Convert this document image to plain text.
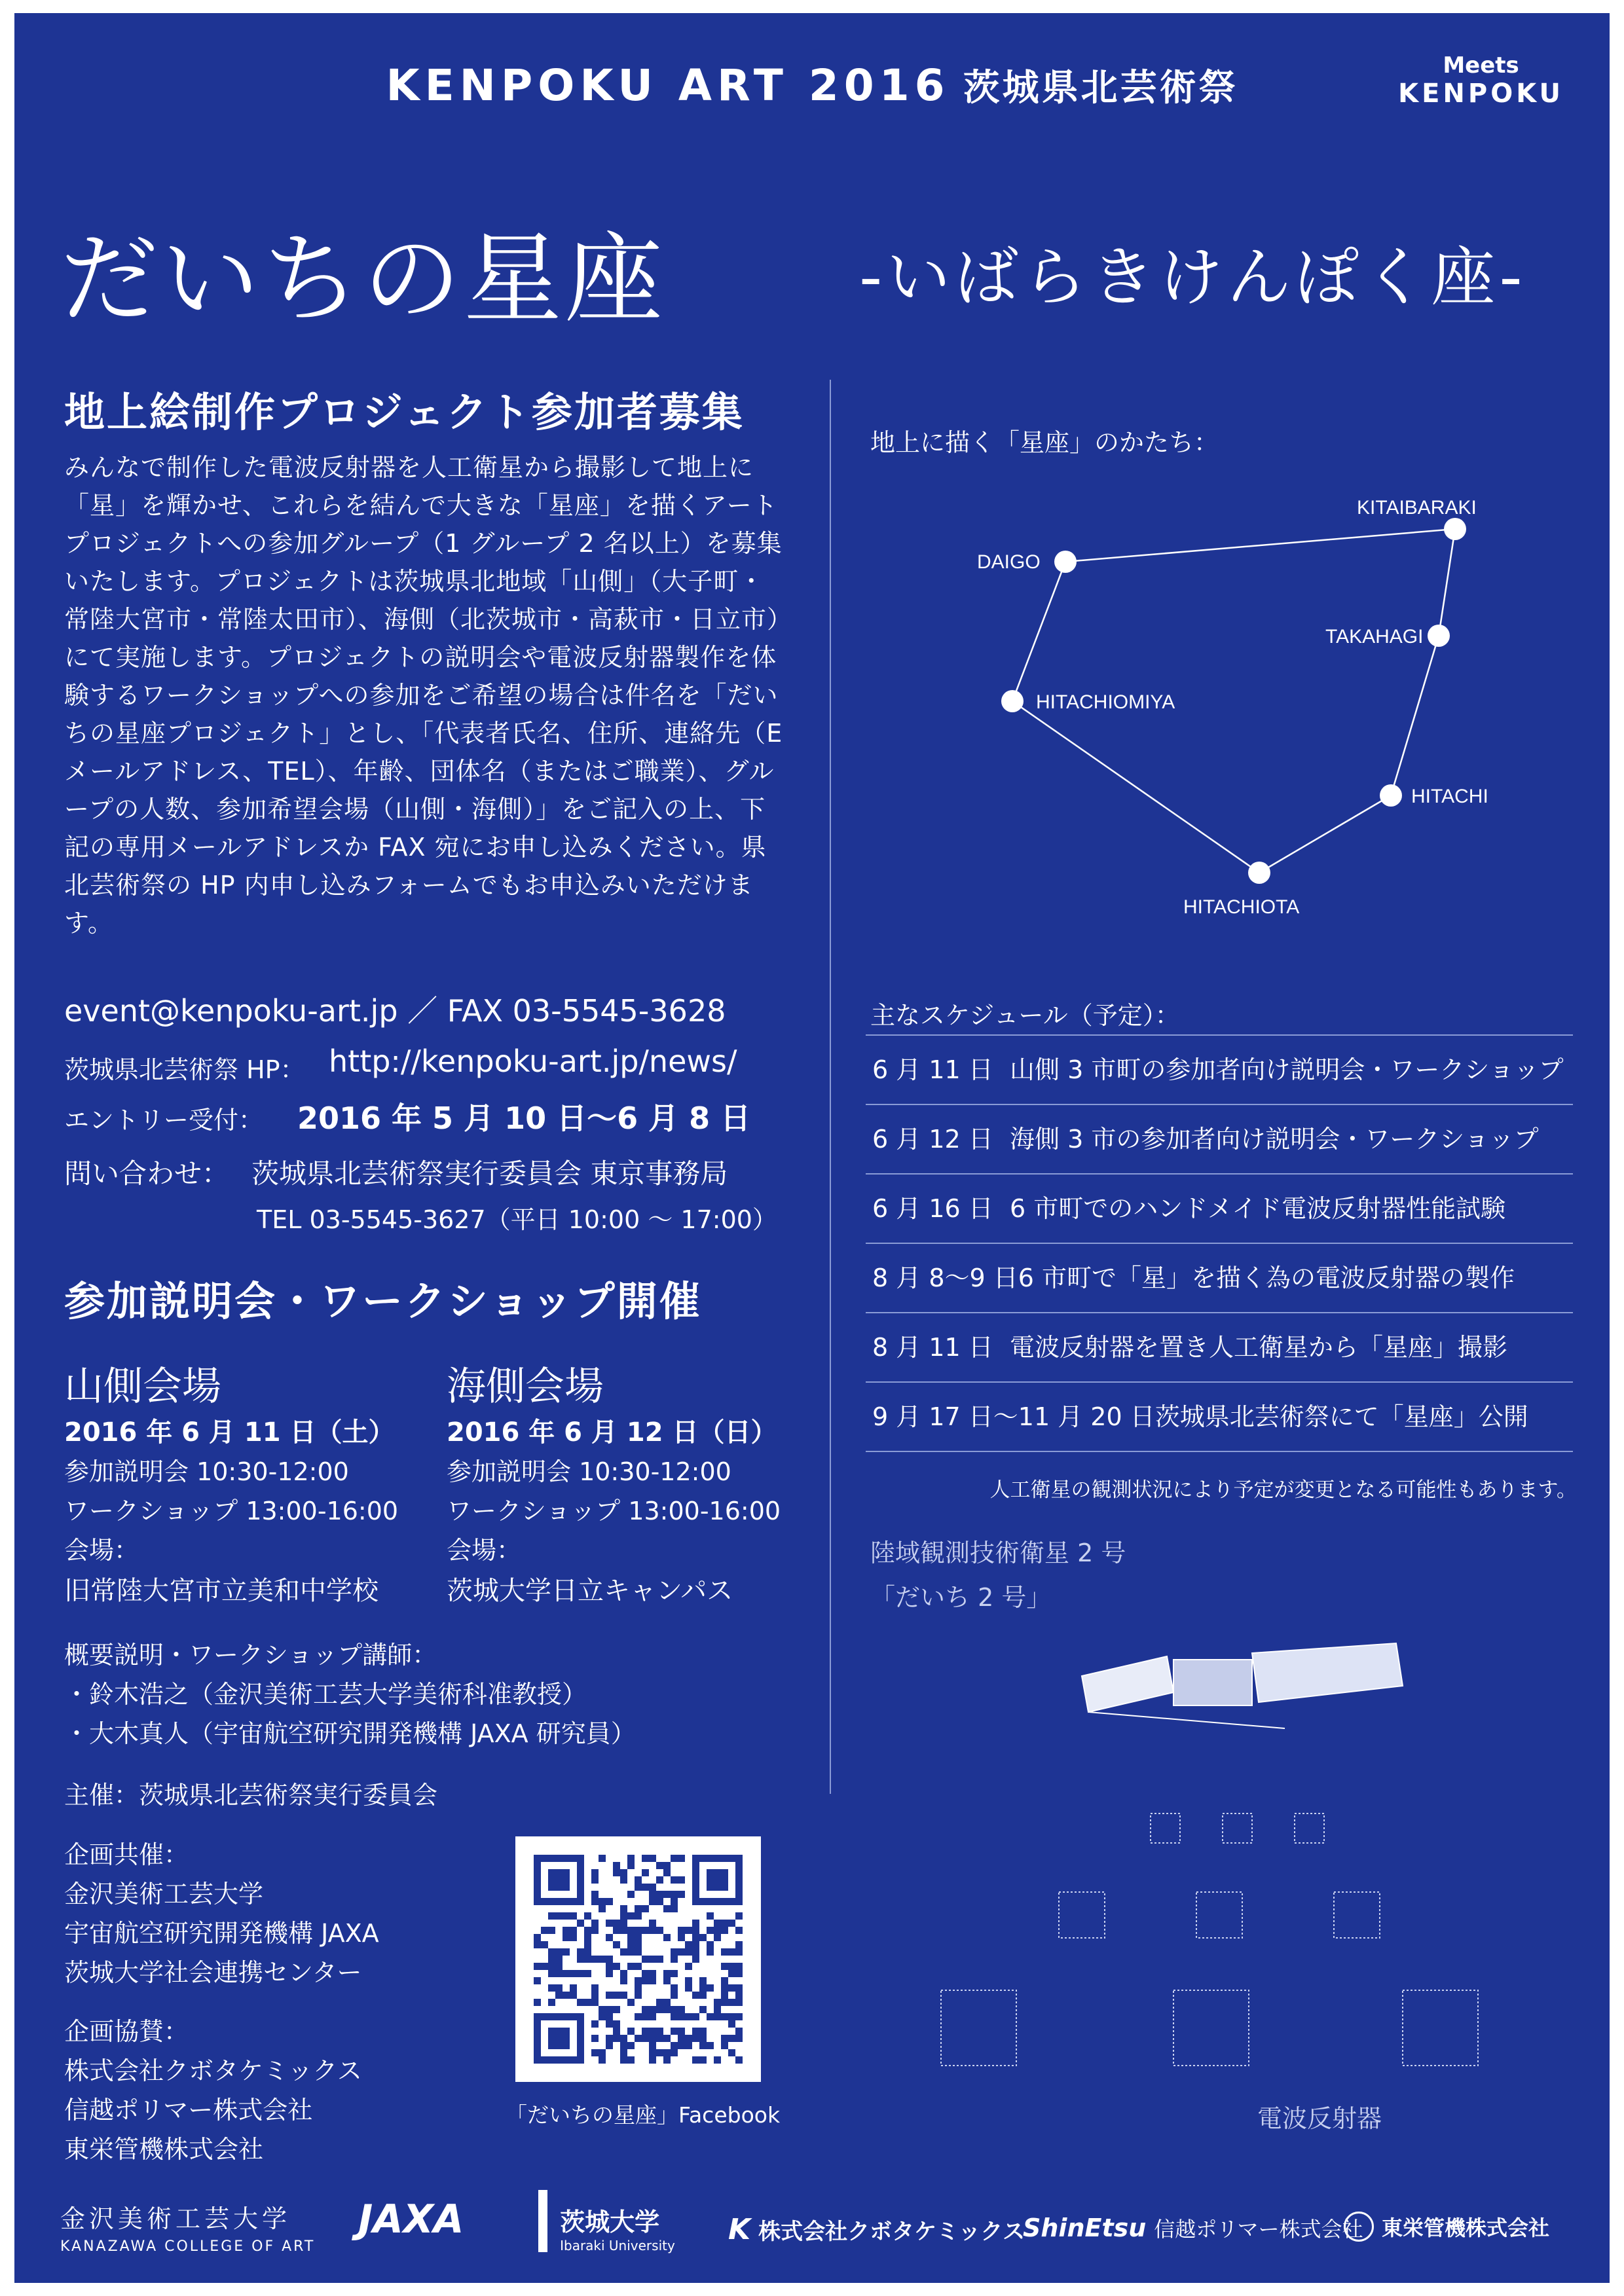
KENPOKU ART 2016 茨城県北芸術祭
Meets
KENPOKU
だいちの星座	-いばらきけんぽく座-
地上絵制作プロジェクト参加者募集

みんなで制作した電波反射器を人工衛星から撮影して地上に「星」を輝かせ、これらを結んで大きな「星座」を描くアートプロジェクトへの参加グループ（1 グループ 2 名以上）を募集いたします。プロジェクトは茨城県北地域「山側」（大子町・常陸大宮市・常陸太田市）、海側（北茨城市・高萩市・日立市）にて実施します。プロジェクトの説明会や電波反射器製作を体験するワークショップへの参加をご希望の場合は件名を「だいちの星座プロジェクト」とし、「代表者氏名、住所、連絡先（E メールアドレス、TEL）、年齢、団体名（またはご職業）、グループの人数、参加希望会場（山側・海側）」をご記入の上、下記の専用メールアドレスか FAX 宛にお申し込みください。県北芸術祭の HP 内申し込みフォームでもお申込みいただけます。

event@kenpoku-art.jp ／ FAX 03-5545-3628
茨城県北芸術祭 HP： http://kenpoku-art.jp/news/
エントリー受付： 2016 年 5 月 10 日〜6 月 8 日
問い合わせ： 茨城県北芸術祭実行委員会 東京事務局
TEL 03-5545-3627（平日 10:00 〜 17:00）
参加説明会・ワークショップ開催
山側会場
2016 年 6 月 11 日（土）
参加説明会 10:30-12:00
ワークショップ 13:00-16:00
会場：
旧常陸大宮市立美和中学校
海側会場
2016 年 6 月 12 日（日）
参加説明会 10:30-12:00
ワークショップ 13:00-16:00
会場：
茨城大学日立キャンパス
概要説明・ワークショップ講師：
・鈴木浩之（金沢美術工芸大学美術科准教授）
・大木真人（宇宙航空研究開発機構 JAXA 研究員）
主催：茨城県北芸術祭実行委員会
企画共催：
金沢美術工芸大学
宇宙航空研究開発機構 JAXA
茨城大学社会連携センター
企画協賛：
株式会社クボタケミックス
信越ポリマー株式会社
東栄管機株式会社
「だいちの星座」Facebook
地上に描く「星座」のかたち：
KITAIBARAKI
DAIGO
TAKAHAGI
HITACHIOMIYA
HITACHI
HITACHIOTA
主なスケジュール（予定）：
6 月 11 日 山側 3 市町の参加者向け説明会・ワークショップ
6 月 12 日 海側 3 市の参加者向け説明会・ワークショップ
6 月 16 日 6 市町でのハンドメイド電波反射器性能試験
8 月 8〜9 日6 市町で「星」を描く為の電波反射器の製作
8 月 11 日 電波反射器を置き人工衛星から「星座」撮影
9 月 17 日〜11 月 20 日茨城県北芸術祭にて「星座」公開
人工衛星の観測状況により予定が変更となる可能性もあります。
陸域観測技術衛星 2 号
「だいち 2 号」
電波反射器
金沢美術工芸大学
KANAZAWA COLLEGE OF ART
JAXA
	茨城大学
Ibaraki University K 株式会社クボタケミックス
ShinEtsu 信越ポリマー株式会社 東栄管機株式会社
